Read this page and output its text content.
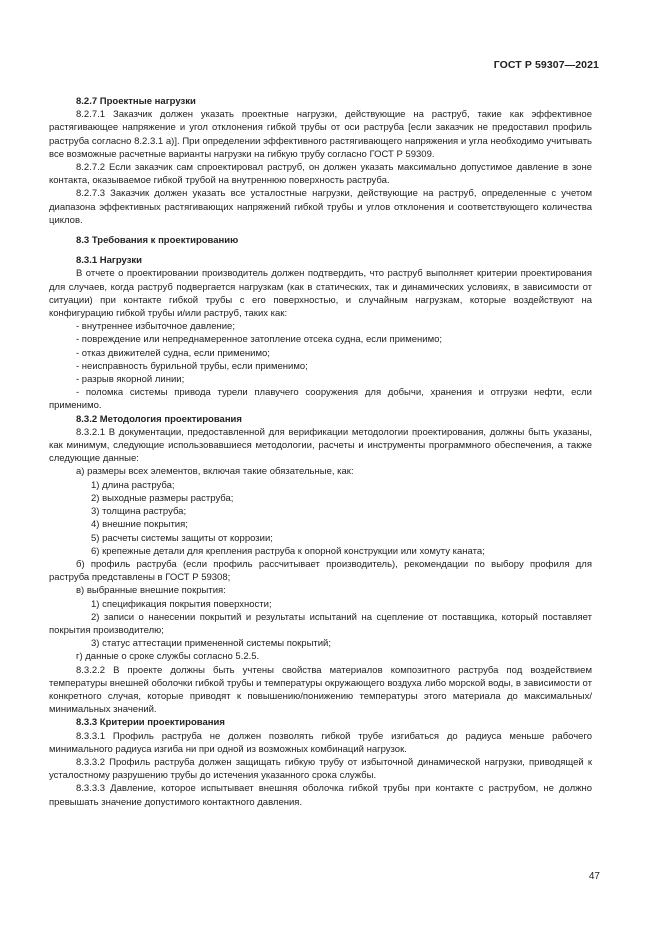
ГОСТ Р 59307—2021
8.2.7 Проектные нагрузки
8.2.7.1 Заказчик должен указать проектные нагрузки, действующие на раструб, такие как эффективное растягивающее напряжение и угол отклонения гибкой трубы от оси раструба [если заказчик не предоставил профиль раструба согласно 8.2.3.1 а)]. При определении эффективного растягивающего напряжения и угла необходимо учитывать все возможные расчетные варианты нагрузки на гибкую трубу согласно ГОСТ Р 59309.
8.2.7.2 Если заказчик сам спроектировал раструб, он должен указать максимально допустимое давление в зоне контакта, оказываемое гибкой трубой на внутреннюю поверхность раструба.
8.2.7.3 Заказчик должен указать все усталостные нагрузки, действующие на раструб, определенные с учетом диапазона эффективных растягивающих напряжений гибкой трубы и углов отклонения и соответствующего количества циклов.
8.3 Требования к проектированию
8.3.1 Нагрузки
В отчете о проектировании производитель должен подтвердить, что раструб выполняет критерии проектирования для случаев, когда раструб подвергается нагрузкам (как в статических, так и динамических условиях, в зависимости от ситуации) при контакте гибкой трубы с его поверхностью, и случайным нагрузкам, которые воздействуют на конфигурацию гибкой трубы и/или раструб, таких как:
- внутреннее избыточное давление;
- повреждение или непреднамеренное затопление отсека судна, если применимо;
- отказ движителей судна, если применимо;
- неисправность бурильной трубы, если применимо;
- разрыв якорной линии;
- поломка системы привода турели плавучего сооружения для добычи, хранения и отгрузки нефти, если применимо.
8.3.2 Методология проектирования
8.3.2.1 В документации, предоставленной для верификации методологии проектирования, должны быть указаны, как минимум, следующие использовавшиеся методологии, расчеты и инструменты программного обеспечения, а также следующие данные:
а) размеры всех элементов, включая такие обязательные, как:
1) длина раструба;
2) выходные размеры раструба;
3) толщина раструба;
4) внешние покрытия;
5) расчеты системы защиты от коррозии;
6) крепежные детали для крепления раструба к опорной конструкции или хомуту каната;
б) профиль раструба (если профиль рассчитывает производитель), рекомендации по выбору профиля для раструба представлены в ГОСТ Р 59308;
в) выбранные внешние покрытия:
1) спецификация покрытия поверхности;
2) записи о нанесении покрытий и результаты испытаний на сцепление от поставщика, который поставляет покрытия производителю;
3) статус аттестации примененной системы покрытий;
г) данные о сроке службы согласно 5.2.5.
8.3.2.2 В проекте должны быть учтены свойства материалов композитного раструба под воздействием температуры внешней оболочки гибкой трубы и температуры окружающего воздуха либо морской воды, в зависимости от конкретного случая, которые приводят к повышению/понижению температуры этого материала до максимальных/минимальных значений.
8.3.3 Критерии проектирования
8.3.3.1 Профиль раструба не должен позволять гибкой трубе изгибаться до радиуса меньше рабочего минимального радиуса изгиба ни при одной из возможных комбинаций нагрузок.
8.3.3.2 Профиль раструба должен защищать гибкую трубу от избыточной динамической нагрузки, приводящей к усталостному разрушению трубы до истечения указанного срока службы.
8.3.3.3 Давление, которое испытывает внешняя оболочка гибкой трубы при контакте с раструбом, не должно превышать значение допустимого контактного давления.
47
